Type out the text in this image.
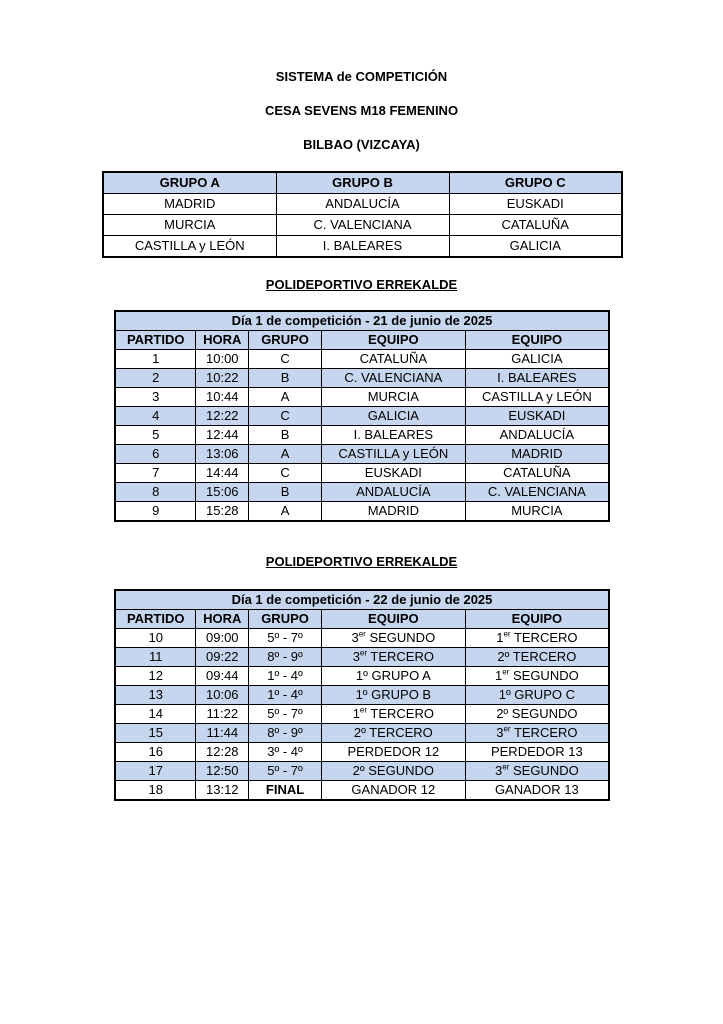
SISTEMA de COMPETICIÓN
CESA SEVENS M18 FEMENINO
BILBAO (VIZCAYA)
GRUPO A	GRUPO B	GRUPO C
MADRID	ANDALUCÍA	EUSKADI
MURCIA	C. VALENCIANA	CATALUÑA
CASTILLA y LEÓN	I. BALEARES	GALICIA
POLIDEPORTIVO ERREKALDE
Día 1 de competición - 21 de junio de 2025				
PARTIDO	HORA	GRUPO	EQUIPO	EQUIPO
1	10:00	C	CATALUÑA	GALICIA
2	10:22	B	C. VALENCIANA	I. BALEARES
3	10:44	A	MURCIA	CASTILLA y LEÓN
4	12:22	C	GALICIA	EUSKADI
5	12:44	B	I. BALEARES	ANDALUCÍA
6	13:06	A	CASTILLA y LEÓN	MADRID
7	14:44	C	EUSKADI	CATALUÑA
8	15:06	B	ANDALUCÍA	C. VALENCIANA
9	15:28	A	MADRID	MURCIA
POLIDEPORTIVO ERREKALDE
Día 1 de competición - 22 de junio de 2025				
PARTIDO	HORA	GRUPO	EQUIPO	EQUIPO
10	09:00	5º - 7º	3er SEGUNDO	1er TERCERO
11	09:22	8º - 9º	3er TERCERO	2º TERCERO
12	09:44	1º - 4º	1º GRUPO A	1er SEGUNDO
13	10:06	1º - 4º	1º GRUPO B	1º GRUPO C
14	11:22	5º - 7º	1er TERCERO	2º SEGUNDO
15	11:44	8º - 9º	2º TERCERO	3er TERCERO
16	12:28	3º - 4º	PERDEDOR 12	PERDEDOR 13
17	12:50	5º - 7º	2º SEGUNDO	3er SEGUNDO
18	13:12	FINAL	GANADOR 12	GANADOR 13
